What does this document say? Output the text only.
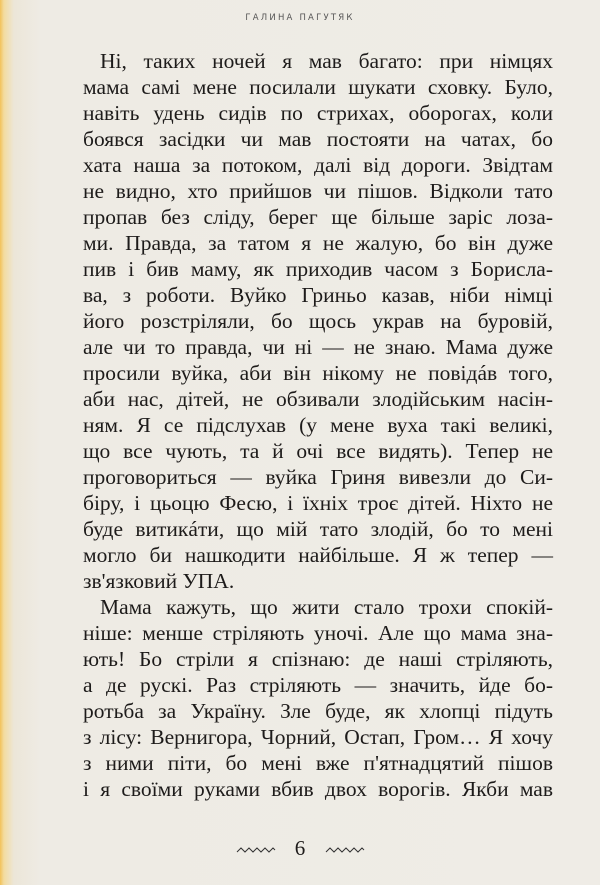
ГАЛИНА ПАГУТЯК
Ні, таких ночей я мав багато: при німцях
мама самі мене посилали шукати сховку. Було,
навіть удень сидів по стрихах, оборогах, коли
боявся засідки чи мав постояти на чатах, бо
хата наша за потоком, далі від дороги. Звідтам
не видно, хто прийшов чи пішов. Відколи тато
пропав без сліду, берег ще більше заріс лоза-
ми. Правда, за татом я не жалую, бо він дуже
пив і бив маму, як приходив часом з Борисла-
ва, з роботи. Вуйко Гриньо казав, ніби німці
його розстріляли, бо щось украв на буровій,
але чи то правда, чи ні — не знаю. Мама дуже
просили вуйка, аби він нікому не повідáв того,
аби нас, дітей, не обзивали злодійським насін-
ням. Я се підслухав (у мене вуха такі великі,
що все чують, та й очі все видять). Тепер не
проговориться — вуйка Гриня вивезли до Си-
біру, і цьоцю Фесю, і їхніх троє дітей. Ніхто не
буде витикáти, що мій тато злодій, бо то мені
могло би нашкодити найбільше. Я ж тепер —
зв'язковий УПА.
Мама кажуть, що жити стало трохи спокій-
ніше: менше стріляють уночі. Але що мама зна-
ють! Бо стріли я спізнаю: де наші стріляють,
а де рускі. Раз стріляють — значить, йде бо-
ротьба за Україну. Зле буде, як хлопці підуть
з лісу: Вернигора, Чорний, Остап, Гром… Я хочу
з ними піти, бо мені вже п'ятнадцятий пішов
і я своїми руками вбив двох ворогів. Якби мав
6
